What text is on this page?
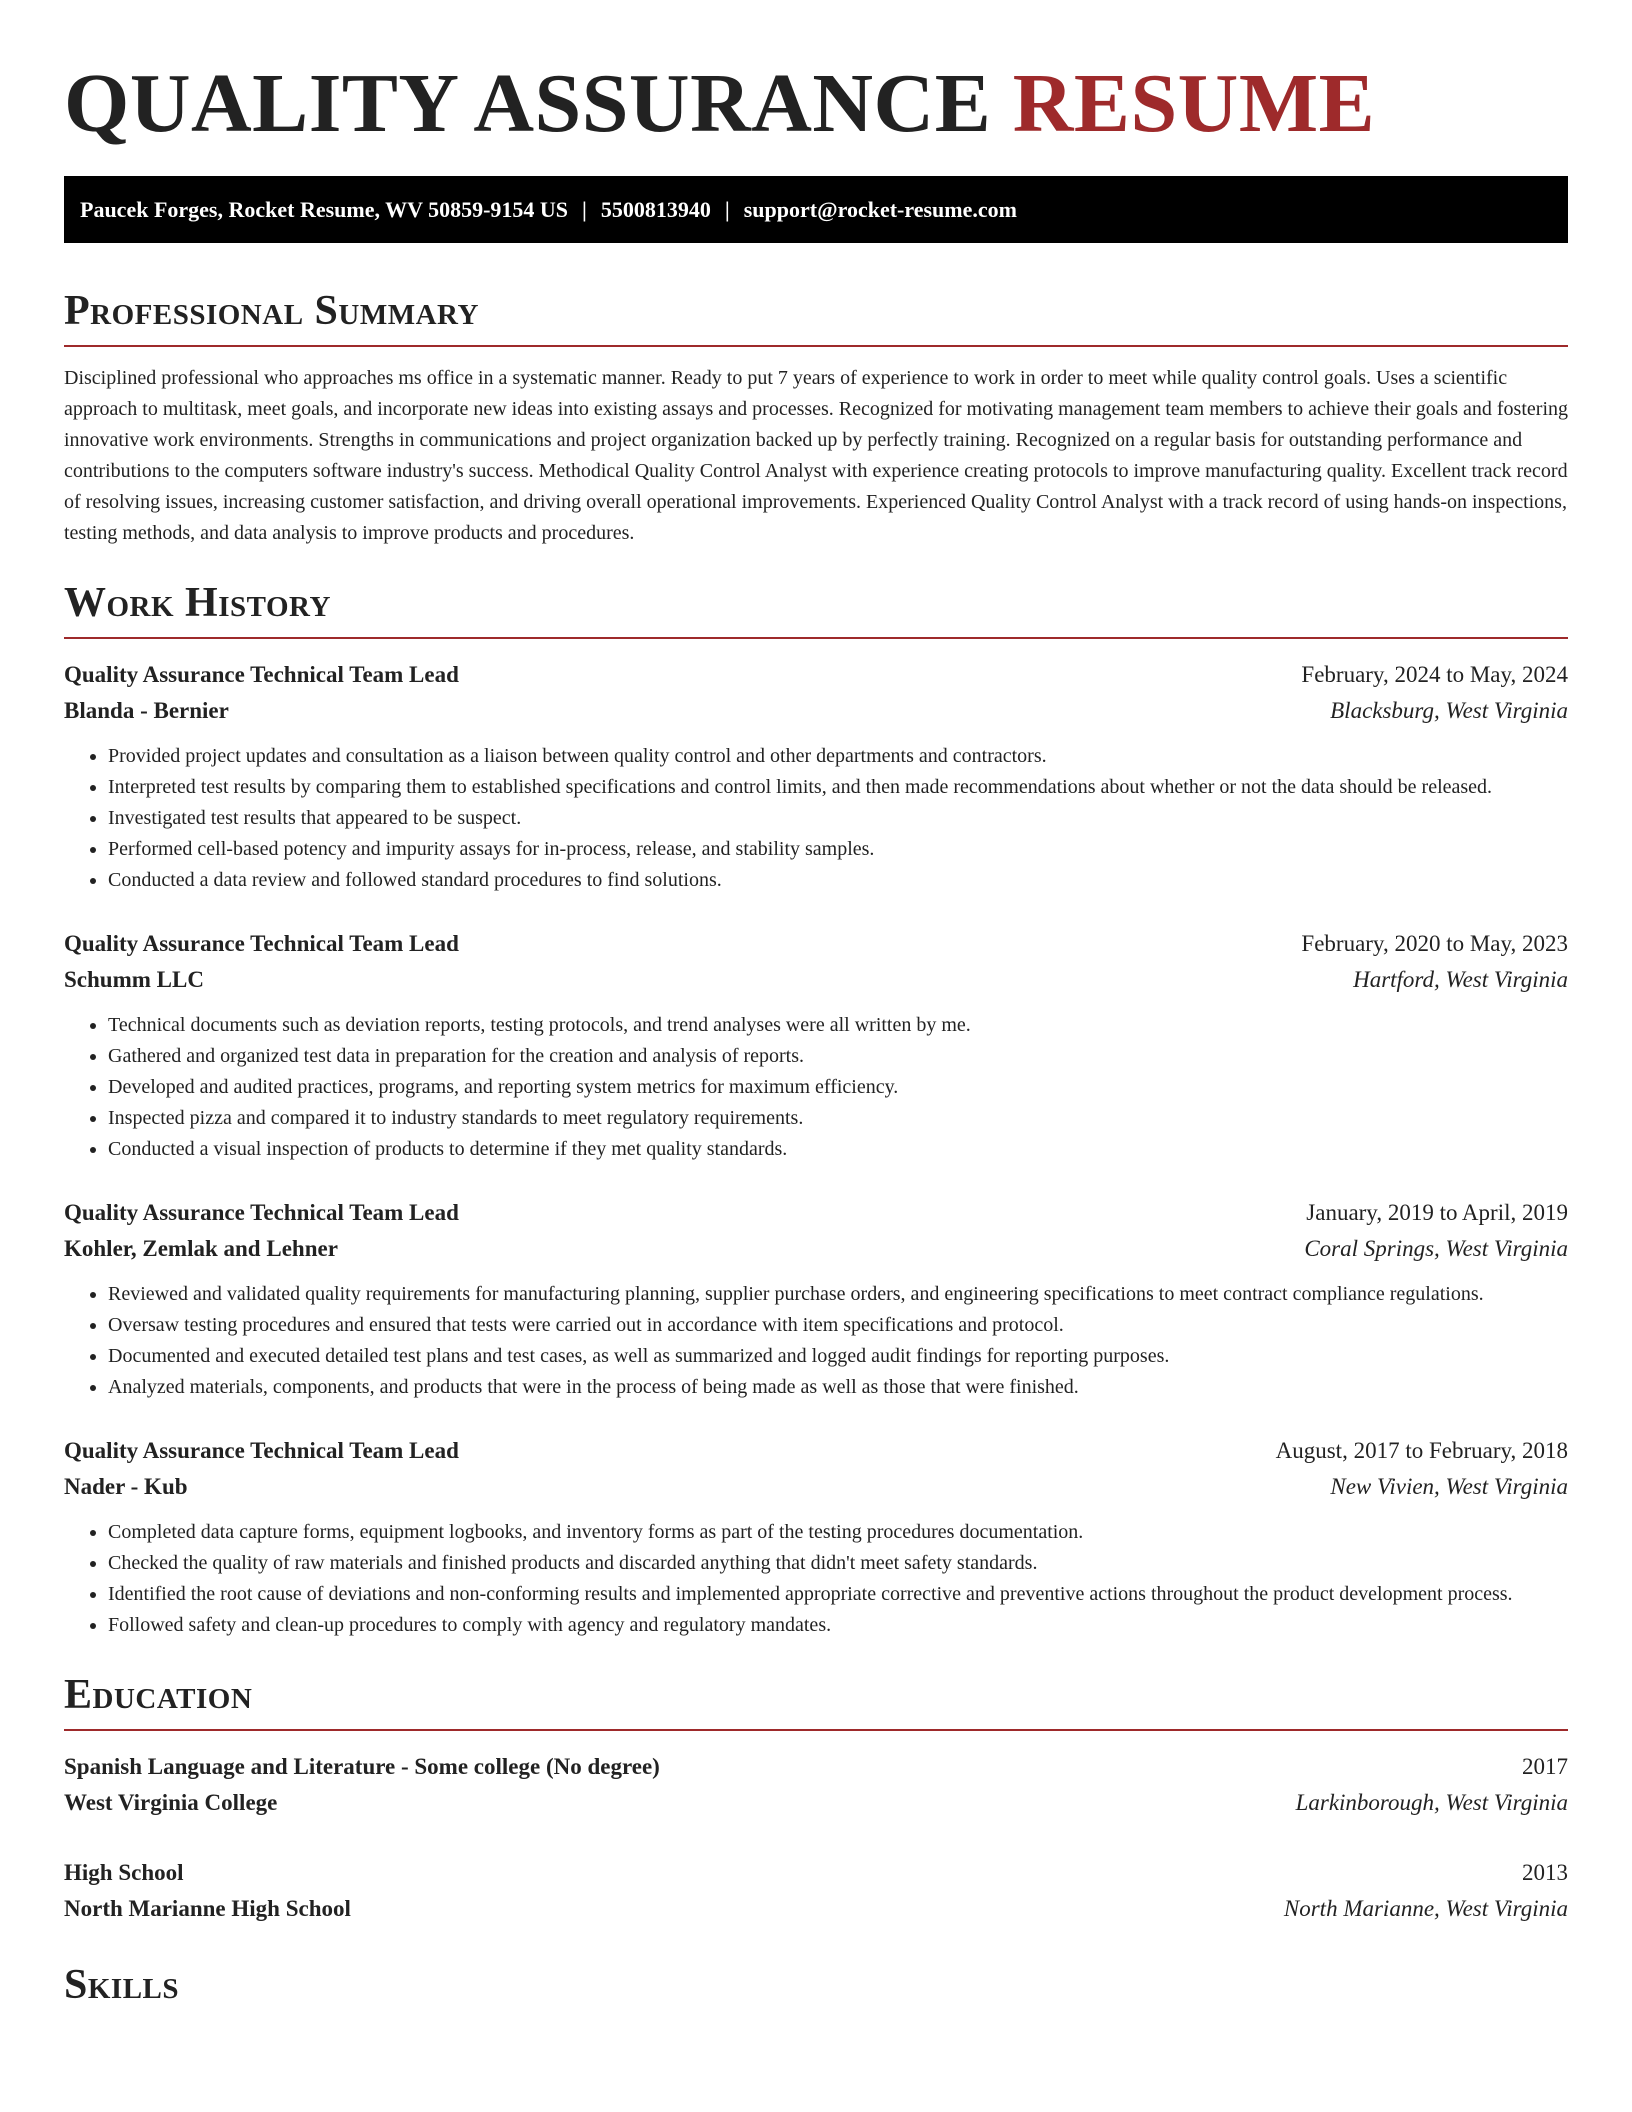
QUALITY ASSURANCE RESUME
Paucek Forges, Rocket Resume, WV 50859-9154 US | 5500813940 | support@rocket-resume.com
Professional Summary

Disciplined professional who approaches ms office in a systematic manner. Ready to put 7 years of experience to work in order to meet while quality control goals. Uses a scientific approach to multitask, meet goals, and incorporate new ideas into existing assays and processes. Recognized for motivating management team members to achieve their goals and fostering innovative work environments. Strengths in communications and project organization backed up by perfectly training. Recognized on a regular basis for outstanding performance and contributions to the computers software industry's success. Methodical Quality Control Analyst with experience creating protocols to improve manufacturing quality. Excellent track record of resolving issues, increasing customer satisfaction, and driving overall operational improvements. Experienced Quality Control Analyst with a track record of using hands-on inspections, testing methods, and data analysis to improve products and procedures.

Work History
Quality Assurance Technical Team Lead	February, 2024 to May, 2024
Blanda - Bernier	Blacksburg, West Virginia
• Provided project updates and consultation as a liaison between quality control and other departments and contractors.
• Interpreted test results by comparing them to established specifications and control limits, and then made recommendations about whether or not the data should be released.
• Investigated test results that appeared to be suspect.
• Performed cell-based potency and impurity assays for in-process, release, and stability samples.
• Conducted a data review and followed standard procedures to find solutions.
Quality Assurance Technical Team Lead	February, 2020 to May, 2023
Schumm LLC	Hartford, West Virginia
• Technical documents such as deviation reports, testing protocols, and trend analyses were all written by me.
• Gathered and organized test data in preparation for the creation and analysis of reports.
• Developed and audited practices, programs, and reporting system metrics for maximum efficiency.
• Inspected pizza and compared it to industry standards to meet regulatory requirements.
• Conducted a visual inspection of products to determine if they met quality standards.
Quality Assurance Technical Team Lead	January, 2019 to April, 2019
Kohler, Zemlak and Lehner	Coral Springs, West Virginia
• Reviewed and validated quality requirements for manufacturing planning, supplier purchase orders, and engineering specifications to meet contract compliance regulations.
• Oversaw testing procedures and ensured that tests were carried out in accordance with item specifications and protocol.
• Documented and executed detailed test plans and test cases, as well as summarized and logged audit findings for reporting purposes.
• Analyzed materials, components, and products that were in the process of being made as well as those that were finished.
Quality Assurance Technical Team Lead	August, 2017 to February, 2018
Nader - Kub	New Vivien, West Virginia
• Completed data capture forms, equipment logbooks, and inventory forms as part of the testing procedures documentation.
• Checked the quality of raw materials and finished products and discarded anything that didn't meet safety standards.
• Identified the root cause of deviations and non-conforming results and implemented appropriate corrective and preventive actions throughout the product development process.
• Followed safety and clean-up procedures to comply with agency and regulatory mandates.
Education
Spanish Language and Literature - Some college (No degree)	2017
West Virginia College	Larkinborough, West Virginia
High School	2013
North Marianne High School	North Marianne, West Virginia
Skills
